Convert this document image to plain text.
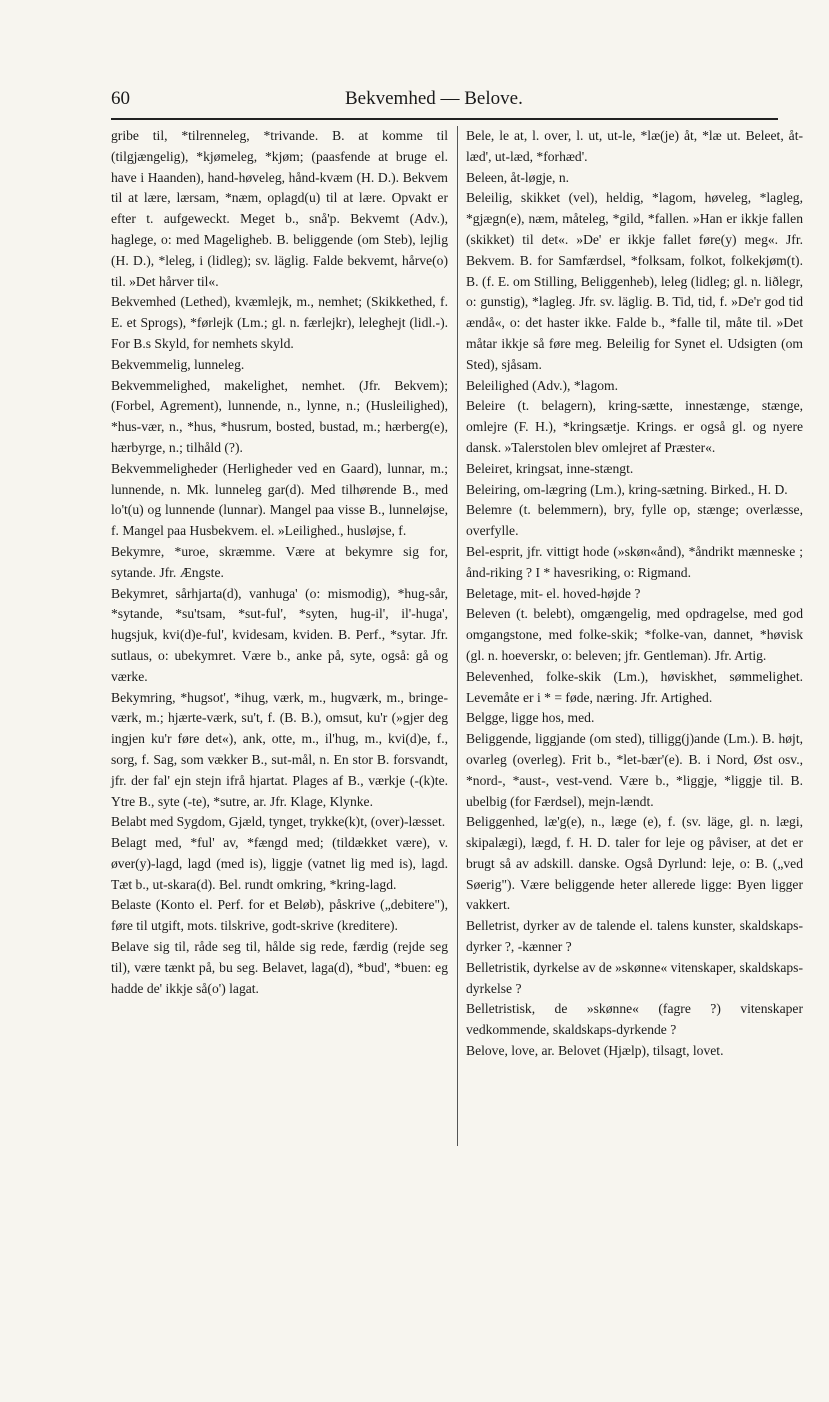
60	Bekvemhed — Belove.

gribe til, *tilrenneleg, *trivande. B. at komme til (tilgjængelig), *kjømeleg, *kjøm; (paasfende at bruge el. have i Haanden), hand-høveleg, hånd-kvæm (H. D.). Bekvem til at lære, lærsam, *næm, oplagd(u) til at lære. Opvakt er efter t. aufgeweckt. Meget b., snå'p. Bekvemt (Adv.), haglege, o: med Mageligheb. B. beliggende (om Steb), lejlig (H. D.), *leleg, i (lidleg); sv. läglig. Falde bekvemt, hårve(o) til. »Det hårver til«.

Bekvemhed (Lethed), kvæmlejk, m., nemhet; (Skikkethed, f. E. et Sprogs), *førlejk (Lm.; gl. n. færlejkr), leleghejt (lidl.-). For B.s Skyld, for nemhets skyld.

Bekvemmelig, lunneleg.

Bekvemmelighed, makelighet, nemhet. (Jfr. Bekvem); (Forbel, Agrement), lunnende, n., lynne, n.; (Husleilighed), *hus-vær, n., *hus, *husrum, bosted, bustad, m.; hærberg(e), hærbyrge, n.; tilhåld (?).

Bekvemmeligheder (Herligheder ved en Gaard), lunnar, m.; lunnende, n. Mk. lunneleg gar(d). Med tilhørende B., med lo't(u) og lunnende (lunnar). Mangel paa visse B., lunneløjse, f. Mangel paa Husbekvem. el. »Leilighed., husløjse, f.

Bekymre, *uroe, skræmme. Være at bekymre sig for, sytande. Jfr. Ængste.

Bekymret, sårhjarta(d), vanhuga' (o: mismodig), *hug-sår, *sytande, *su'tsam, *sut-ful', *syten, hug-il', il'-huga', hugsjuk, kvi(d)e-ful', kvidesam, kviden. B. Perf., *sytar. Jfr. sutlaus, o: ubekymret. Være b., anke på, syte, også: gå og værke.

Bekymring, *hugsot', *ihug, værk, m., hugværk, m., bringe-værk, m.; hjærte-værk, su't, f. (B. B.), omsut, ku'r (»gjer deg ingjen ku'r føre det«), ank, otte, m., il'hug, m., kvi(d)e, f., sorg, f. Sag, som vækker B., sut-mål, n. En stor B. forsvandt, jfr. der fal' ejn stejn ifrå hjartat. Plages af B., værkje (-(k)te. Ytre B., syte (-te), *sutre, ar. Jfr. Klage, Klynke.

Belabt med Sygdom, Gjæld, tynget, trykke(k)t, (over)-læsset.

Belagt med, *ful' av, *fængd med; (tildækket være), v. øver(y)-lagd, lagd (med is), liggje (vatnet lig med is), lagd. Tæt b., ut-skara(d). Bel. rundt omkring, *kring-lagd.

Belaste (Konto el. Perf. for et Beløb), påskrive („debitere"), føre til utgift, mots. tilskrive, godt-skrive (kreditere).

Belave sig til, råde seg til, hålde sig rede, færdig (rejde seg til), være tænkt på, bu seg. Belavet, laga(d), *bud', *buen: eg hadde de' ikkje så(o') lagat.

Bele, le at, l. over, l. ut, ut-le, *læ(je) åt, *læ ut. Beleet, åt-læd', ut-læd, *forhæd'.

Beleen, åt-løgje, n.

Beleilig, skikket (vel), heldig, *lagom, høveleg, *lagleg, *gjægn(e), næm, måteleg, *gild, *fallen. »Han er ikkje fallen (skikket) til det«. »De' er ikkje fallet føre(y) meg«. Jfr. Bekvem. B. for Samfærdsel, *folksam, folkot, folkekjøm(t). B. (f. E. om Stilling, Beliggenheb), leleg (lidleg; gl. n. liðlegr, o: gunstig), *lagleg. Jfr. sv. läglig. B. Tid, tid, f. »De'r god tid ændå«, o: det haster ikke. Falde b., *falle til, måte til. »Det måtar ikkje så føre meg. Beleilig for Synet el. Udsigten (om Sted), sjåsam.

Beleilighed (Adv.), *lagom.

Beleire (t. belagern), kring-sætte, innestænge, stænge, omlejre (F. H.), *kringsætje. Krings. er også gl. og nyere dansk. »Talerstolen blev omlejret af Præster«.

Beleiret, kringsat, inne-stængt.

Beleiring, om-lægring (Lm.), kring-sætning. Birked., H. D.

Belemre (t. belemmern), bry, fylle op, stænge; overlæsse, overfylle.

Bel-esprit, jfr. vittigt hode (»skøn«ånd), *åndrikt mænneske ; ånd-riking ? I * havesriking, o: Rigmand.

Beletage, mit- el. hoved-højde ?

Beleven (t. belebt), omgængelig, med opdragelse, med god omgangstone, med folke-skik; *folke-van, dannet, *høvisk (gl. n. hoeverskr, o: beleven; jfr. Gentleman). Jfr. Artig.

Belevenhed, folke-skik (Lm.), høviskhet, sømmelighet. Levemåte er i * = føde, næring. Jfr. Artighed.

Belgge, ligge hos, med.

Beliggende, liggjande (om sted), tilligg(j)ande (Lm.). B. højt, ovarleg (overleg). Frit b., *let-bær'(e). B. i Nord, Øst osv., *nord-, *aust-, vest-vend. Være b., *liggje, *liggje til. B. ubelbig (for Færdsel), mejn-lændt.

Beliggenhed, læ'g(e), n., læge (e), f. (sv. läge, gl. n. lægi, skipalægi), lægd, f. H. D. taler for leje og påviser, at det er brugt så av adskill. danske. Også Dyrlund: leje, o: B. („ved Søerig"). Være beliggende heter allerede ligge: Byen ligger vakkert.

Belletrist, dyrker av de talende el. talens kunster, skaldskaps-dyrker ?, -kænner ?

Belletristik, dyrkelse av de »skønne« vitenskaper, skaldskaps-dyrkelse ?

Belletristisk, de »skønne« (fagre ?) vitenskaper vedkommende, skaldskaps-dyrkende ?

Belove, love, ar. Belovet (Hjælp), tilsagt, lovet.
